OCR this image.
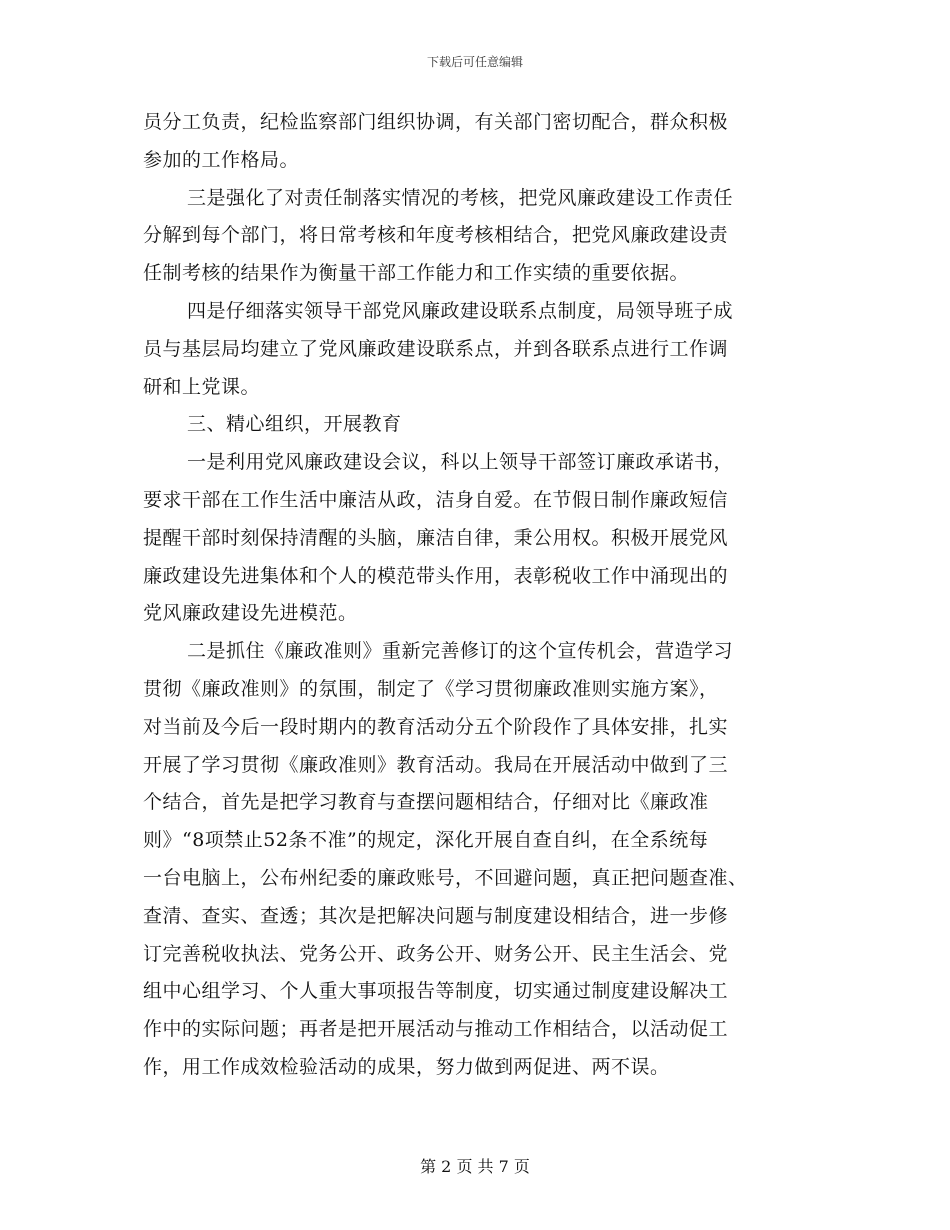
下载后可任意编辑
员分工负责，纪检监察部门组织协调，有关部门密切配合，群众积极
参加的工作格局。
三是强化了对责任制落实情况的考核，把党风廉政建设工作责任
分解到每个部门，将日常考核和年度考核相结合，把党风廉政建设责
任制考核的结果作为衡量干部工作能力和工作实绩的重要依据。
四是仔细落实领导干部党风廉政建设联系点制度，局领导班子成
员与基层局均建立了党风廉政建设联系点，并到各联系点进行工作调
研和上党课。
三、精心组织，开展教育
一是利用党风廉政建设会议，科以上领导干部签订廉政承诺书，
要求干部在工作生活中廉洁从政，洁身自爱。在节假日制作廉政短信
提醒干部时刻保持清醒的头脑，廉洁自律，秉公用权。积极开展党风
廉政建设先进集体和个人的模范带头作用，表彰税收工作中涌现出的
党风廉政建设先进模范。
二是抓住《廉政准则》重新完善修订的这个宣传机会，营造学习
贯彻《廉政准则》的氛围，制定了《学习贯彻廉政准则实施方案》，
对当前及今后一段时期内的教育活动分五个阶段作了具体安排，扎实
开展了学习贯彻《廉政准则》教育活动。我局在开展活动中做到了三
个结合，首先是把学习教育与查摆问题相结合，仔细对比《廉政准
则》“8项禁止52条不准”的规定，深化开展自查自纠，在全系统每
一台电脑上，公布州纪委的廉政账号，不回避问题，真正把问题查准、
查清、查实、查透；其次是把解决问题与制度建设相结合，进一步修
订完善税收执法、党务公开、政务公开、财务公开、民主生活会、党
组中心组学习、个人重大事项报告等制度，切实通过制度建设解决工
作中的实际问题；再者是把开展活动与推动工作相结合，以活动促工
作，用工作成效检验活动的成果，努力做到两促进、两不误。
第 2 页 共 7 页
